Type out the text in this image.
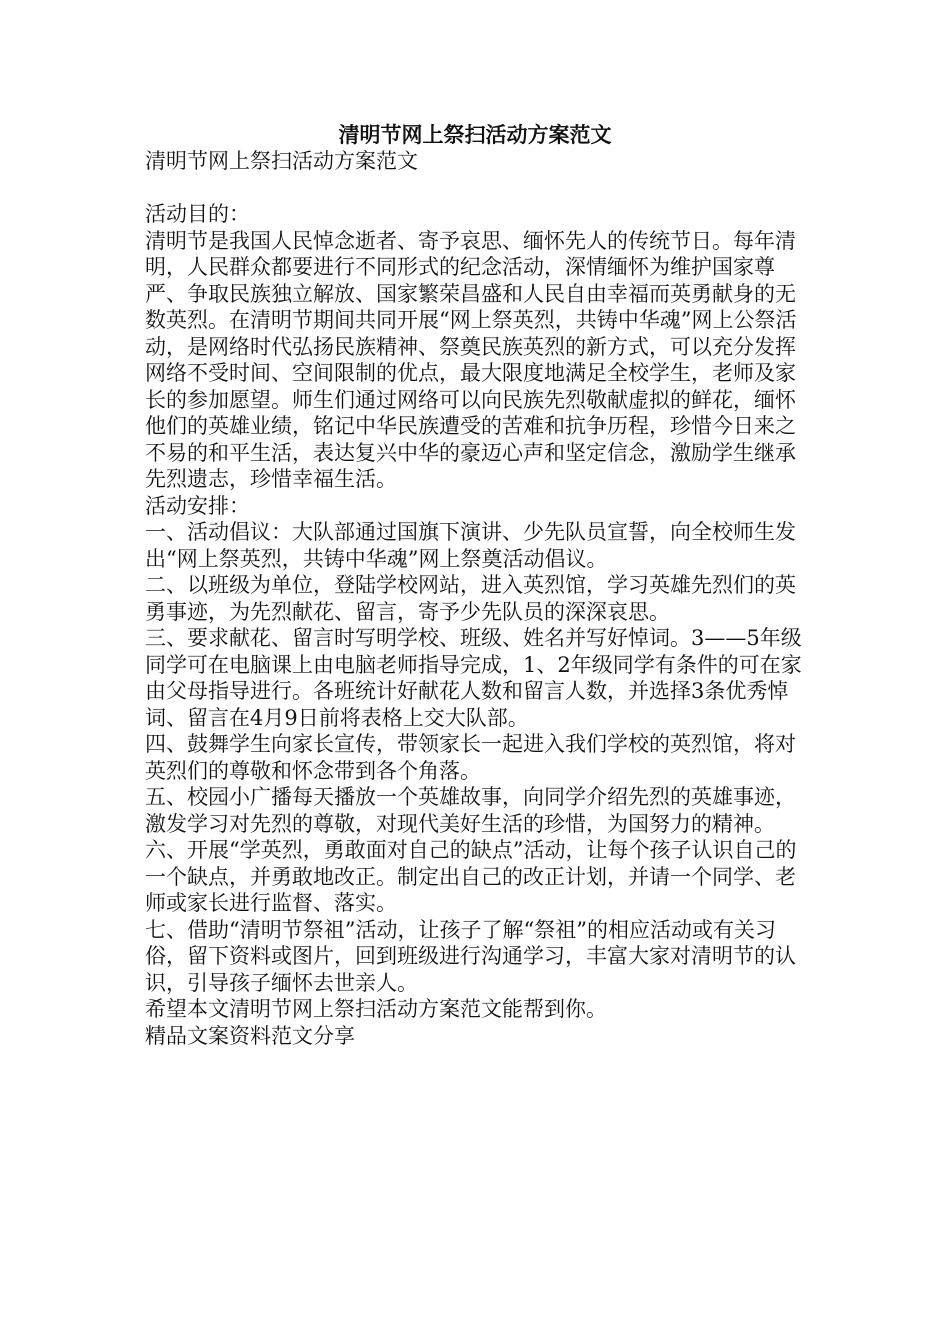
清明节网上祭扫活动方案范文

清明节网上祭扫活动方案范文

活动目的：

清明节是我国人民悼念逝者、寄予哀思、缅怀先人的传统节日。每年清明，人民群众都要进行不同形式的纪念活动，深情缅怀为维护国家尊严、争取民族独立解放、国家繁荣昌盛和人民自由幸福而英勇献身的无数英烈。在清明节期间共同开展“网上祭英烈，共铸中华魂”网上公祭活动，是网络时代弘扬民族精神、祭奠民族英烈的新方式，可以充分发挥网络不受时间、空间限制的优点，最大限度地满足全校学生，老师及家长的参加愿望。师生们通过网络可以向民族先烈敬献虚拟的鲜花，缅怀他们的英雄业绩，铭记中华民族遭受的苦难和抗争历程，珍惜今日来之不易的和平生活，表达复兴中华的豪迈心声和坚定信念，激励学生继承先烈遗志，珍惜幸福生活。

活动安排：

一、活动倡议：大队部通过国旗下演讲、少先队员宣誓，向全校师生发出“网上祭英烈，共铸中华魂”网上祭奠活动倡议。

二、以班级为单位，登陆学校网站，进入英烈馆，学习英雄先烈们的英勇事迹，为先烈献花、留言，寄予少先队员的深深哀思。

三、要求献花、留言时写明学校、班级、姓名并写好悼词。3——5年级同学可在电脑课上由电脑老师指导完成，1、2年级同学有条件的可在家由父母指导进行。各班统计好献花人数和留言人数，并选择3条优秀悼词、留言在4月9日前将表格上交大队部。

四、鼓舞学生向家长宣传，带领家长一起进入我们学校的英烈馆，将对英烈们的尊敬和怀念带到各个角落。

五、校园小广播每天播放一个英雄故事，向同学介绍先烈的英雄事迹，激发学习对先烈的尊敬，对现代美好生活的珍惜，为国努力的精神。

六、开展“学英烈，勇敢面对自己的缺点”活动，让每个孩子认识自己的一个缺点，并勇敢地改正。制定出自己的改正计划，并请一个同学、老师或家长进行监督、落实。

七、借助“清明节祭祖”活动，让孩子了解“祭祖”的相应活动或有关习俗，留下资料或图片，回到班级进行沟通学习，丰富大家对清明节的认识，引导孩子缅怀去世亲人。

希望本文清明节网上祭扫活动方案范文能帮到你。

精品文案资料范文分享
